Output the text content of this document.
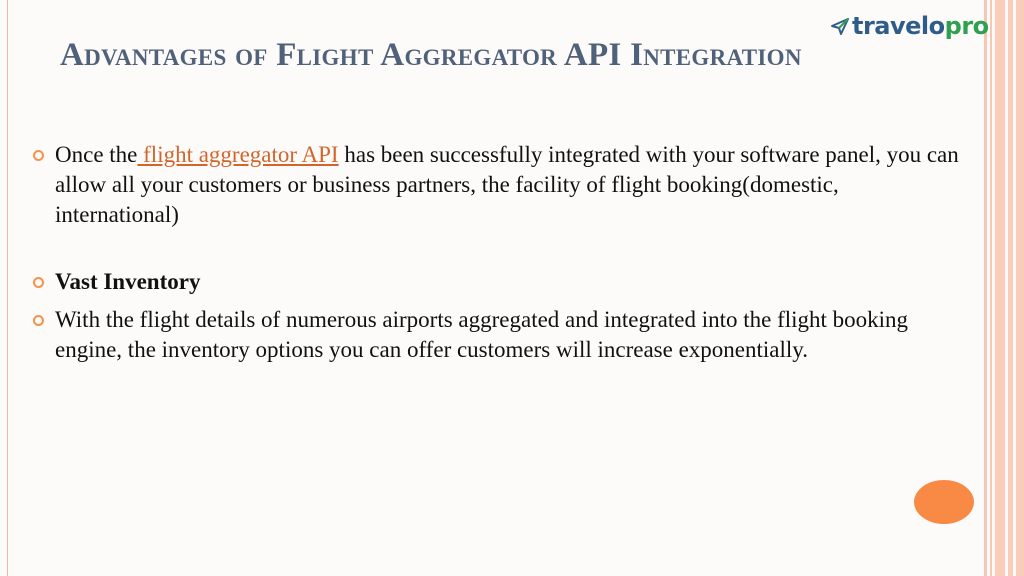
travelo pro
Advantages of Flight Aggregator API Integration
Once the flight aggregator API has been successfully integrated with your software panel, you can allow all your customers or business partners, the facility of flight booking(domestic, international)
Vast Inventory
With the flight details of numerous airports aggregated and integrated into the flight booking engine, the inventory options you can offer customers will increase exponentially.
